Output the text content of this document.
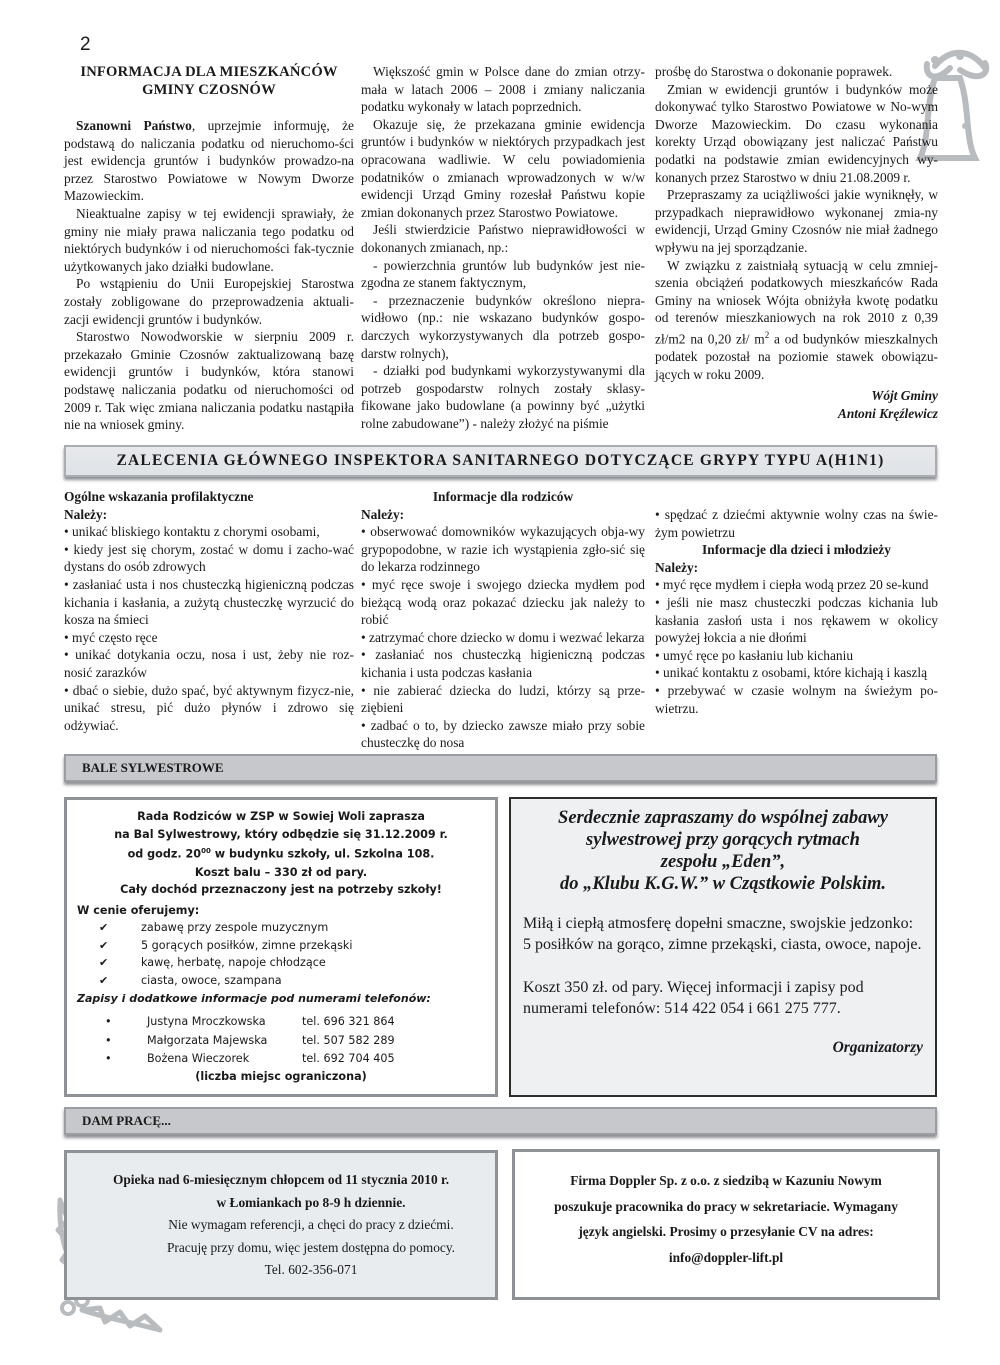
2
INFORMACJA DLA MIESZKAŃCÓW
GMINY CZOSNÓW

Szanowni Państwo, uprzejmie informuję, że podstawą do naliczania podatku od nieruchomo-ści jest ewidencja gruntów i budynków prowadzo-na przez Starostwo Powiatowe w Nowym Dworze Mazowieckim.

Nieaktualne zapisy w tej ewidencji sprawiały, że gminy nie miały prawa naliczania tego podatku od niektórych budynków i od nieruchomości fak-tycznie użytkowanych jako działki budowlane.

Po wstąpieniu do Unii Europejskiej Starostwa zostały zobligowane do przeprowadzenia aktuali-zacji ewidencji gruntów i budynków.

Starostwo Nowodworskie w sierpniu 2009 r. przekazało Gminie Czosnów zaktualizowaną bazę ewidencji gruntów i budynków, która stanowi podstawę naliczania podatku od nieruchomości od 2009 r. Tak więc zmiana naliczania podatku nastąpiła nie na wniosek gminy.

Większość gmin w Polsce dane do zmian otrzy-mała w latach 2006 – 2008 i zmiany naliczania podatku wykonały w latach poprzednich.

Okazuje się, że przekazana gminie ewidencja gruntów i budynków w niektórych przypadkach jest opracowana wadliwie. W celu powiadomienia podatników o zmianach wprowadzonych w w/w ewidencji Urząd Gminy rozesłał Państwu kopie zmian dokonanych przez Starostwo Powiatowe.

Jeśli stwierdzicie Państwo nieprawidłowości w dokonanych zmianach, np.:

- powierzchnia gruntów lub budynków jest nie-zgodna ze stanem faktycznym,

- przeznaczenie budynków określono niepra-widłowo (np.: nie wskazano budynków gospo-darczych wykorzystywanych dla potrzeb gospo-darstw rolnych),

- działki pod budynkami wykorzystywanymi dla potrzeb gospodarstw rolnych zostały sklasy-fikowane jako budowlane (a powinny być „użytki rolne zabudowane”) - należy złożyć na piśmie

prośbę do Starostwa o dokonanie poprawek.

Zmian w ewidencji gruntów i budynków może dokonywać tylko Starostwo Powiatowe w No-wym Dworze Mazowieckim. Do czasu wykonania korekty Urząd obowiązany jest naliczać Państwu podatki na podstawie zmian ewidencyjnych wy-konanych przez Starostwo w dniu 21.08.2009 r.

Przepraszamy za uciążliwości jakie wyniknęły, w przypadkach nieprawidłowo wykonanej zmia-ny ewidencji, Urząd Gminy Czosnów nie miał żadnego wpływu na jej sporządzanie.

W związku z zaistniałą sytuacją w celu zmniej-szenia obciążeń podatkowych mieszkańców Rada Gminy na wniosek Wójta obniżyła kwotę podatku od terenów mieszkaniowych na rok 2010 z 0,39 zł/m2 na 0,20 zł/ $m^2$ a od budynków mieszkalnych podatek pozostał na poziomie stawek obowiązu-jących w roku 2009.

Wójt Gminy

Antoni Kręźlewicz

ZALECENIA GŁÓWNEGO INSPEKTORA SANITARNEGO DOTYCZĄCE GRYPY TYPU A(H1N1)
Ogólne wskazania profilaktyczne
Należy:
• unikać bliskiego kontaktu z chorymi osobami,
• kiedy jest się chorym, zostać w domu i zacho-wać dystans do osób zdrowych
• zasłaniać usta i nos chusteczką higieniczną podczas kichania i kasłania, a zużytą chusteczkę wyrzucić do kosza na śmieci
• myć często ręce
• unikać dotykania oczu, nosa i ust, żeby nie roz-nosić zarazków
• dbać o siebie, dużo spać, być aktywnym fizycz-nie, unikać stresu, pić dużo płynów i zdrowo się odżywiać.
Informacje dla rodziców
Należy:
• obserwować domowników wykazujących obja-wy grypopodobne, w razie ich wystąpienia zgło-sić się do lekarza rodzinnego
• myć ręce swoje i swojego dziecka mydłem pod bieżącą wodą oraz pokazać dziecku jak należy to robić
• zatrzymać chore dziecko w domu i wezwać lekarza
• zasłaniać nos chusteczką higieniczną podczas kichania i usta podczas kasłania
• nie zabierać dziecka do ludzi, którzy są prze-ziębieni
• zadbać o to, by dziecko zawsze miało przy sobie chusteczkę do nosa
• spędzać z dziećmi aktywnie wolny czas na świe-żym powietrzu
Informacje dla dzieci i młodzieży
Należy:
• myć ręce mydłem i ciepła wodą przez 20 se-kund
• jeśli nie masz chusteczki podczas kichania lub kasłania zasłoń usta i nos rękawem w okolicy powyżej łokcia a nie dłońmi
• umyć ręce po kasłaniu lub kichaniu
• unikać kontaktu z osobami, które kichają i kaszlą
• przebywać w czasie wolnym na świeżym po-wietrzu.
BALE SYLWESTROWE
Rada Rodziców w ZSP w Sowiej Woli zaprasza
na Bal Sylwestrowy, który odbędzie się 31.12.2009 r.
od godz. $20^{00}$ w budynku szkoły, ul. Szkolna 108.
Koszt balu – 330 zł od pary.
Cały dochód przeznaczony jest na potrzeby szkoły!
W cenie oferujemy:
✔	zabawę przy zespole muzycznym
✔	5 gorących posiłków, zimne przekąski
✔	kawę, herbatę, napoje chłodzące
✔	ciasta, owoce, szampana
Zapisy i dodatkowe informacje pod numerami telefonów:
•	Justyna Mroczkowska	tel. 696 321 864
•	Małgorzata Majewska	tel. 507 582 289
•	Bożena Wieczorek	tel. 692 704 405
(liczba miejsc ograniczona)
Serdecznie zapraszamy do wspólnej zabawy
sylwestrowej przy gorących rytmach
zespołu „Eden”,
do „Klubu K.G.W.” w Cząstkowie Polskim.
Miłą i ciepłą atmosferę dopełni smaczne, swojskie jedzonko: 5 posiłków na gorąco, zimne przekąski, ciasta, owoce, napoje.
Koszt 350 zł. od pary. Więcej informacji i zapisy pod numerami telefonów: 514 422 054 i 661 275 777.
Organizatorzy
DAM PRACĘ...
Opieka nad 6-miesięcznym chłopcem od 11 stycznia 2010 r.
w Łomiankach po 8-9 h dziennie.
Nie wymagam referencji, a chęci do pracy z dziećmi.
Pracuję przy domu, więc jestem dostępna do pomocy.
Tel. 602-356-071
Firma Doppler Sp. z o.o. z siedzibą w Kazuniu Nowym
poszukuje pracownika do pracy w sekretariacie. Wymagany
język angielski. Prosimy o przesyłanie CV na adres:
info@doppler-lift.pl
